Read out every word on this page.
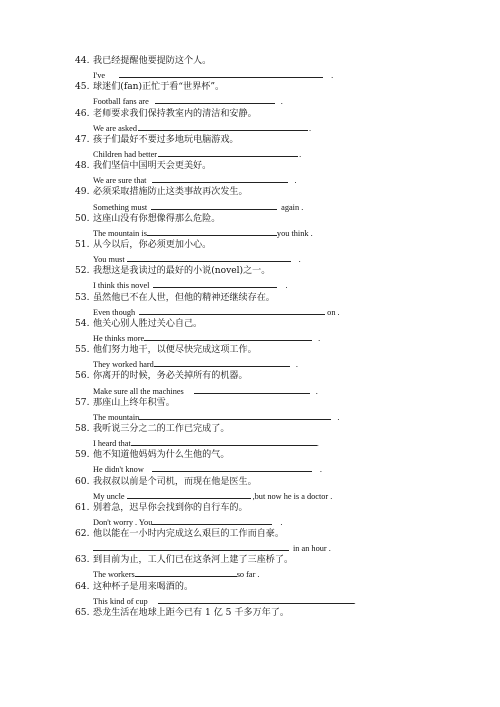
44. 我已经提醒他要提防这个人。
I've	.
45. 球迷们(fan)正忙于看“世界杯”。
Football fans are	.
46. 老师要求我们保持教室内的清洁和安静。
We are asked	.
47. 孩子们最好不要过多地玩电脑游戏。
Children had better	.
48. 我们坚信中国明天会更美好。
We are sure that	.
49. 必须采取措施防止这类事故再次发生。
Something must	again .
50. 这座山没有你想像得那么危险。
The mountain is	you think .
51. 从今以后，你必须更加小心。
You must	.
52. 我想这是我读过的最好的小说(novel)之一。
I think this novel	.
53. 虽然他已不在人世，但他的精神还继续存在。
Even though	on .
54. 他关心别人胜过关心自己。
He thinks more	.
55. 他们努力地干，以便尽快完成这项工作。
They worked hard	.
56. 你离开的时候，务必关掉所有的机器。
Make sure all the machines	.
57. 那座山上终年积雪。
The mountain	.
58. 我听说三分之二的工作已完成了。
I heard that	.
59. 他不知道他妈妈为什么生他的气。
He didn't know	.
60. 我叔叔以前是个司机，而现在他是医生。
My uncle	,but now he is a doctor .
61. 别着急，迟早你会找到你的自行车的。
Don't worry . You	.
62. 他以能在一小时内完成这么艰巨的工作而自豪。
in an hour .
63. 到目前为止，工人们已在这条河上建了三座桥了。
The workers	so far .
64. 这种杯子是用来喝酒的。
This kind of cup	.
65. 恐龙生活在地球上距今已有 1 亿 5 千多万年了。
